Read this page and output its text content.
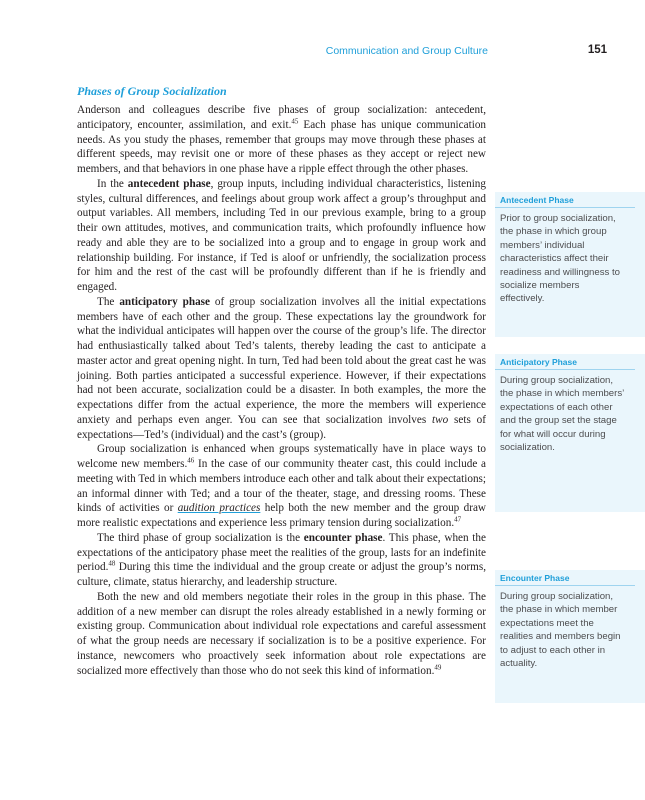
Communication and Group Culture	151
Phases of Group Socialization

Anderson and colleagues describe five phases of group socialization: antecedent, anticipatory, encounter, assimilation, and exit.$^{45}$ Each phase has unique communication needs. As you study the phases, remember that groups may move through these phases at different speeds, may revisit one or more of these phases as they accept or reject new members, and that behaviors in one phase have a ripple effect through the other phases.

In the antecedent phase, group inputs, including individual characteristics, listening styles, cultural differences, and feelings about group work affect a group’s throughput and output variables. All members, including Ted in our previous example, bring to a group their own attitudes, motives, and communication traits, which profoundly influence how ready and able they are to be socialized into a group and to engage in group work and relationship building. For instance, if Ted is aloof or unfriendly, the socialization process for him and the rest of the cast will be profoundly different than if he is friendly and engaged.

The anticipatory phase of group socialization involves all the initial expectations members have of each other and the group. These expectations lay the groundwork for what the individual anticipates will happen over the course of the group’s life. The director had enthusiastically talked about Ted’s talents, thereby leading the cast to anticipate a master actor and great opening night. In turn, Ted had been told about the great cast he was joining. Both parties anticipated a successful experience. However, if their expectations had not been accurate, socialization could be a disaster. In both examples, the more the expectations differ from the actual experience, the more the members will experience anxiety and perhaps even anger. You can see that socialization involves two sets of expectations—Ted’s (individual) and the cast’s (group).

Group socialization is enhanced when groups systematically have in place ways to welcome new members.$^{46}$ In the case of our community theater cast, this could include a meeting with Ted in which members introduce each other and talk about their expectations; an informal dinner with Ted; and a tour of the theater, stage, and dressing rooms. These kinds of activities or audition practices help both the new member and the group draw more realistic expectations and experience less primary tension during socialization.$^{47}$

The third phase of group socialization is the encounter phase. This phase, when the expectations of the anticipatory phase meet the realities of the group, lasts for an indefinite period.$^{48}$ During this time the individual and the group create or adjust the group’s norms, culture, climate, status hierarchy, and leadership structure.

Both the new and old members negotiate their roles in the group in this phase. The addition of a new member can disrupt the roles already established in a newly forming or existing group. Communication about individual role expectations and careful assessment of what the group needs are necessary if socialization is to be a positive experience. For instance, newcomers who proactively seek information about role expectations are socialized more effectively than those who do not seek this kind of information.$^{49}$

Antecedent Phase

Prior to group socialization, the phase in which group members’ individual characteristics affect their readiness and willingness to socialize members effectively.

Anticipatory Phase

During group socialization, the phase in which members’ expectations of each other and the group set the stage for what will occur during socialization.

Encounter Phase

During group socialization, the phase in which member expectations meet the realities and members begin to adjust to each other in actuality.
